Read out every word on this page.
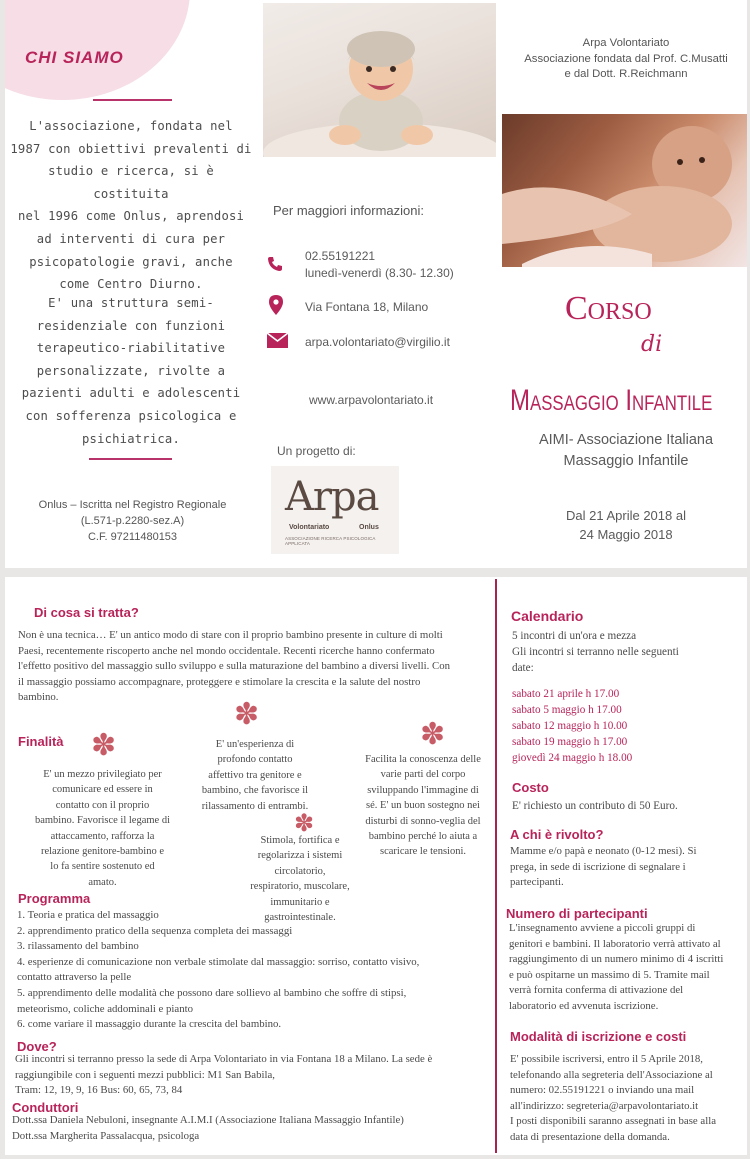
CHI SIAMO
L'associazione, fondata nel
1987 con obiettivi prevalenti di
studio e ricerca, si è costituita
nel 1996 come Onlus, aprendosi
ad interventi di cura per
psicopatologie gravi, anche
come Centro Diurno.
E' una struttura semi-
residenziale con funzioni
terapeutico-riabilitative
personalizzate, rivolte a
pazienti adulti e adolescenti
con sofferenza psicologica e
psichiatrica.
Onlus – Iscritta nel Registro Regionale
(L.571-p.2280-sez.A)
C.F. 97211480153
Per maggiori informazioni:
02.55191221
lunedì-venerdì (8.30- 12.30)
Via Fontana 18, Milano
arpa.volontariato@virgilio.it
www.arpavolontariato.it
Un progetto di:
Arpa
Volontariato	Onlus
ASSOCIAZIONE RICERCA PSICOLOGICA APPLICATA
Arpa Volontariato
Associazione fondata dal Prof. C.Musatti
e dal Dott. R.Reichmann
Corso
di
Massaggio Infantile
AIMI- Associazione Italiana
Massaggio Infantile
Dal 21 Aprile 2018 al
24 Maggio 2018
Di cosa si tratta?
Non è una tecnica… E' un antico modo di stare con il proprio bambino presente in culture di molti
Paesi, recentemente riscoperto anche nel mondo occidentale. Recenti ricerche hanno confermato
l'effetto positivo del massaggio sullo sviluppo e sulla maturazione del bambino a diversi livelli. Con
il massaggio possiamo accompagnare, proteggere e stimolare la crescita e la salute del nostro
bambino.
Finalità ✽
✽
✽
✽
E' un mezzo privilegiato per
comunicare ed essere in
contatto con il proprio
bambino. Favorisce il legame di
attaccamento, rafforza la
relazione genitore-bambino e
lo fa sentire sostenuto ed
amato.
E' un'esperienza di
profondo contatto
affettivo tra genitore e
bambino, che favorisce il
rilassamento di entrambi.
Stimola, fortifica e
regolarizza i sistemi
circolatorio,
respiratorio, muscolare,
immunitario e
gastrointestinale.
Facilita la conoscenza delle
varie parti del corpo
sviluppando l'immagine di
sé. E' un buon sostegno nei
disturbi di sonno-veglia del
bambino perché lo aiuta a
scaricare le tensioni.
Programma
1. Teoria e pratica del massaggio
2. apprendimento pratico della sequenza completa dei massaggi
3. rilassamento del bambino
4. esperienze di comunicazione non verbale stimolate dal massaggio: sorriso, contatto visivo,
contatto attraverso la pelle
5. apprendimento delle modalità che possono dare sollievo al bambino che soffre di stipsi,
meteorismo, coliche addominali e pianto
6. come variare il massaggio durante la crescita del bambino.
Dove?
Gli incontri si terranno presso la sede di Arpa Volontariato in via Fontana 18 a Milano. La sede è
raggiungibile con i seguenti mezzi pubblici: M1 San Babila,
Tram: 12, 19, 9, 16 Bus: 60, 65, 73, 84
Conduttori
Dott.ssa Daniela Nebuloni, insegnante A.I.M.I (Associazione Italiana Massaggio Infantile)
Dott.ssa Margherita Passalacqua, psicologa
Calendario
5 incontri di un'ora e mezza
Gli incontri si terranno nelle seguenti
date:
sabato 21 aprile h 17.00
sabato 5 maggio h 17.00
sabato 12 maggio h 10.00
sabato 19 maggio h 17.00
giovedì 24 maggio h 18.00
Costo
E' richiesto un contributo di 50 Euro.
A chi è rivolto?
Mamme e/o papà e neonato (0-12 mesi). Si
prega, in sede di iscrizione di segnalare i
partecipanti.
Numero di partecipanti
L'insegnamento avviene a piccoli gruppi di
genitori e bambini. Il laboratorio verrà attivato al
raggiungimento di un numero minimo di 4 iscritti
e può ospitarne un massimo di 5. Tramite mail
verrà fornita conferma di attivazione del
laboratorio ed avvenuta iscrizione.
Modalità di iscrizione e costi
E' possibile iscriversi, entro il 5 Aprile 2018,
telefonando alla segreteria dell'Associazione al
numero: 02.55191221 o inviando una mail
all'indirizzo: segreteria@arpavolontariato.it
I posti disponibili saranno assegnati in base alla
data di presentazione della domanda.
